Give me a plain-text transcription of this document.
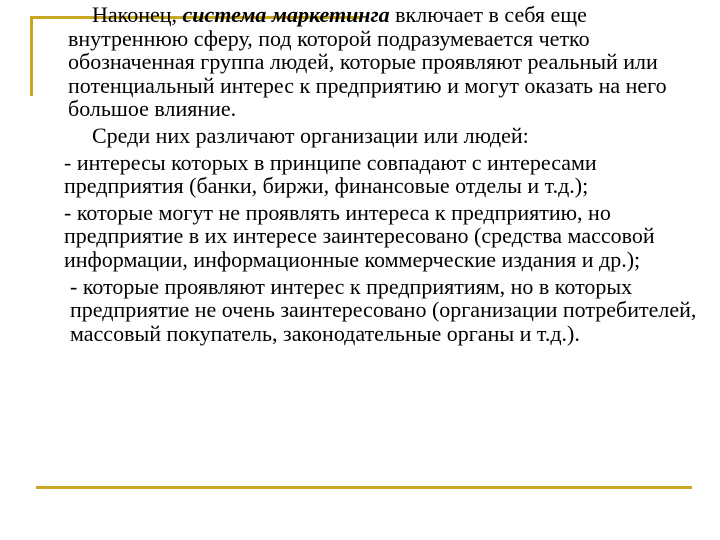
Наконец, система маркетинга включает в себя еще внутреннюю сферу, под которой подразумевается четко обозначенная группа людей, которые проявляют реальный или потенциальный интерес к предприятию и могут оказать на него большое влияние.

Среди них различают организации или людей:

- интересы которых в принципе совпадают с интересами предприятия (банки, биржи, финансовые отделы и т.д.);

- которые могут не проявлять интереса к предприятию, но предприятие в их интересе заинтересовано (средства массовой информации, информационные коммерческие издания и др.);

- которые проявляют интерес к предприятиям, но в которых предприятие не очень заинтересовано (организации потребителей, массовый покупатель, законодательные органы и т.д.).
